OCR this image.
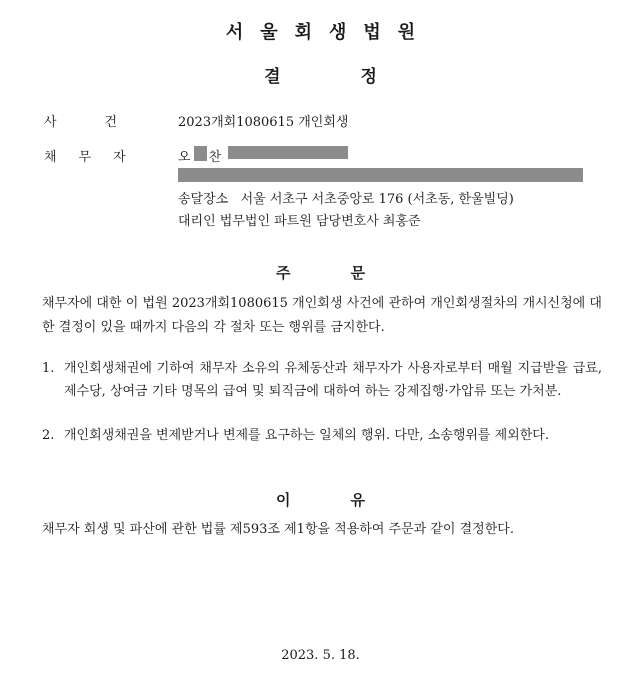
서울회생법원
결	정
사건 2023개회1080615 개인회생
채무자 오 찬
송달장소   서울 서초구 서초중앙로 176 (서초동, 한울빌딩)
대리인 법무법인 파트원 담당변호사 최홍준
주	문
채무자에 대한 이 법원 2023개회1080615 개인회생 사건에 관하여 개인회생절차의 개시신청에 대한 결정이 있을 때까지 다음의 각 절차 또는 행위를 금지한다.
1. 개인회생채권에 기하여 채무자 소유의 유체동산과 채무자가 사용자로부터 매월 지급받을 급료, 제수당, 상여금 기타 명목의 급여 및 퇴직금에 대하여 하는 강제집행·가압류 또는 가처분.
2. 개인회생채권을 변제받거나 변제를 요구하는 일체의 행위. 다만, 소송행위를 제외한다.
이	유
채무자 회생 및 파산에 관한 법률 제593조 제1항을 적용하여 주문과 같이 결정한다.
2023. 5. 18.
